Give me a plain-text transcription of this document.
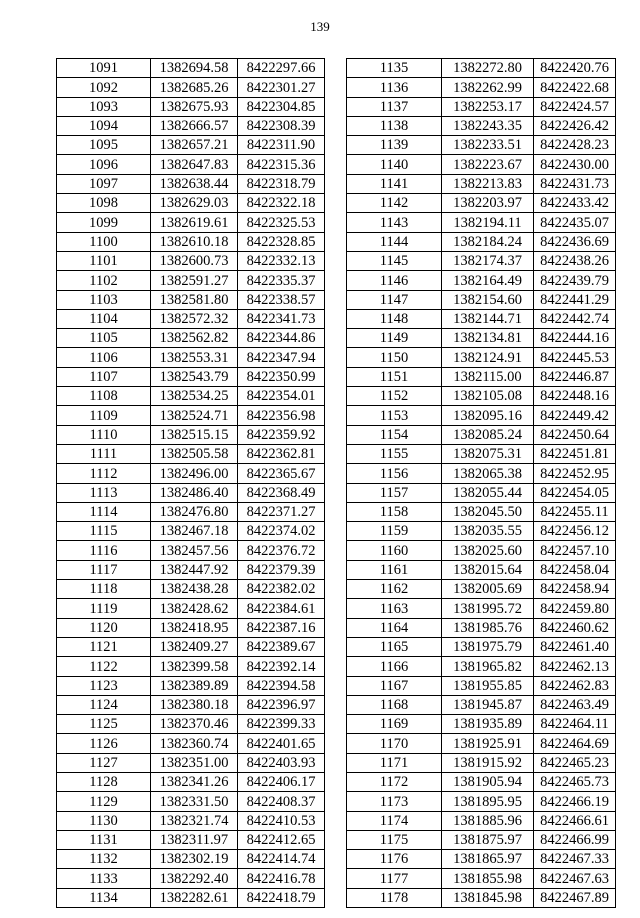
139
1091	1382694.58	8422297.66
1092	1382685.26	8422301.27
1093	1382675.93	8422304.85
1094	1382666.57	8422308.39
1095	1382657.21	8422311.90
1096	1382647.83	8422315.36
1097	1382638.44	8422318.79
1098	1382629.03	8422322.18
1099	1382619.61	8422325.53
1100	1382610.18	8422328.85
1101	1382600.73	8422332.13
1102	1382591.27	8422335.37
1103	1382581.80	8422338.57
1104	1382572.32	8422341.73
1105	1382562.82	8422344.86
1106	1382553.31	8422347.94
1107	1382543.79	8422350.99
1108	1382534.25	8422354.01
1109	1382524.71	8422356.98
1110	1382515.15	8422359.92
1111	1382505.58	8422362.81
1112	1382496.00	8422365.67
1113	1382486.40	8422368.49
1114	1382476.80	8422371.27
1115	1382467.18	8422374.02
1116	1382457.56	8422376.72
1117	1382447.92	8422379.39
1118	1382438.28	8422382.02
1119	1382428.62	8422384.61
1120	1382418.95	8422387.16
1121	1382409.27	8422389.67
1122	1382399.58	8422392.14
1123	1382389.89	8422394.58
1124	1382380.18	8422396.97
1125	1382370.46	8422399.33
1126	1382360.74	8422401.65
1127	1382351.00	8422403.93
1128	1382341.26	8422406.17
1129	1382331.50	8422408.37
1130	1382321.74	8422410.53
1131	1382311.97	8422412.65
1132	1382302.19	8422414.74
1133	1382292.40	8422416.78
1134	1382282.61	8422418.79
1135	1382272.80	8422420.76
1136	1382262.99	8422422.68
1137	1382253.17	8422424.57
1138	1382243.35	8422426.42
1139	1382233.51	8422428.23
1140	1382223.67	8422430.00
1141	1382213.83	8422431.73
1142	1382203.97	8422433.42
1143	1382194.11	8422435.07
1144	1382184.24	8422436.69
1145	1382174.37	8422438.26
1146	1382164.49	8422439.79
1147	1382154.60	8422441.29
1148	1382144.71	8422442.74
1149	1382134.81	8422444.16
1150	1382124.91	8422445.53
1151	1382115.00	8422446.87
1152	1382105.08	8422448.16
1153	1382095.16	8422449.42
1154	1382085.24	8422450.64
1155	1382075.31	8422451.81
1156	1382065.38	8422452.95
1157	1382055.44	8422454.05
1158	1382045.50	8422455.11
1159	1382035.55	8422456.12
1160	1382025.60	8422457.10
1161	1382015.64	8422458.04
1162	1382005.69	8422458.94
1163	1381995.72	8422459.80
1164	1381985.76	8422460.62
1165	1381975.79	8422461.40
1166	1381965.82	8422462.13
1167	1381955.85	8422462.83
1168	1381945.87	8422463.49
1169	1381935.89	8422464.11
1170	1381925.91	8422464.69
1171	1381915.92	8422465.23
1172	1381905.94	8422465.73
1173	1381895.95	8422466.19
1174	1381885.96	8422466.61
1175	1381875.97	8422466.99
1176	1381865.97	8422467.33
1177	1381855.98	8422467.63
1178	1381845.98	8422467.89
